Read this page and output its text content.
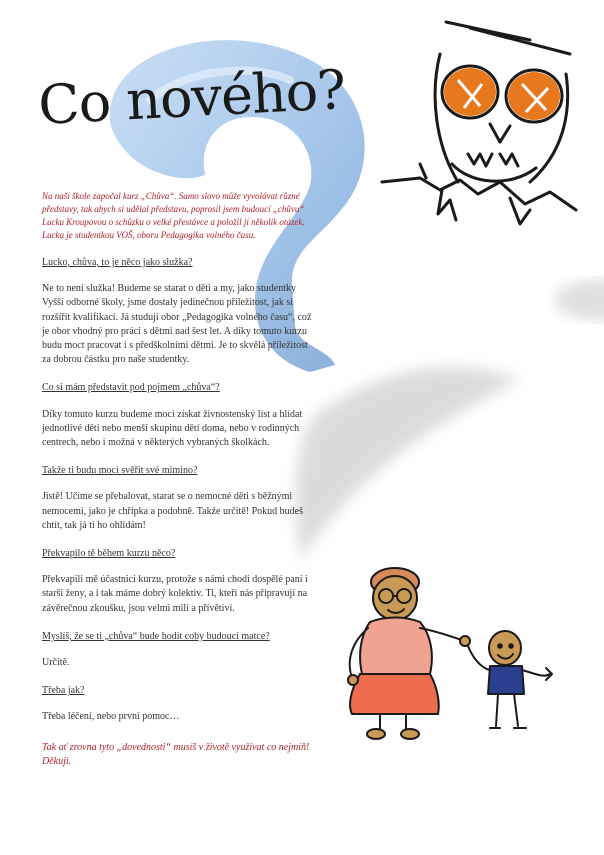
Co nového?

Na naší škole započal kurz „Chůva“. Samo slovo může vyvolávat různé představy, tak abych si udělal představu, poprosil jsem budoucí „chůvu“ Lucku Kroupovou o schůzku o velké přestávce a položil jí několik otázek. Lucka je studentkou VOŠ, oboru Pedagogika volného času.

Lucko, chůva, to je něco jako služka?

Ne to není služka! Budeme se starat o děti a my, jako studentky Vyšší odborné školy, jsme dostaly jedinečnou příležitost, jak si rozšířit kvalifikaci. Já studuji obor „Pedagogika volného času“, což je obor vhodný pro práci s dětmi nad šest let. A díky tomuto kurzu budu moct pracovat i s předškolními dětmi. Je to skvělá příležitost za dobrou částku pro naše studentky.

Co si mám představit pod pojmem „chůva“?

Díky tomuto kurzu budeme moci získat živnostenský list a hlídat jednotlivé děti nebo menší skupinu dětí doma, nebo v rodinných centrech, nebo i možná v některých vybraných školkách.

Takže ti budu moci svěřit své mimino?

Jistě! Učíme se přebalovat, starat se o nemocné děti s běžnými nemocemi, jako je chřipka a podobně. Takže určitě! Pokud budeš chtít, tak já ti ho ohlídám!

Překvapilo tě během kurzu něco?

Překvapili mě účastnici kurzu, protože s námi chodí dospělé paní i starší ženy, a i tak máme dobrý kolektiv. Ti, kteří nás připravují na závěrečnou zkoušku, jsou velmi milí a přívětiví.

Myslíš, že se ti „chůva“ bude hodit coby budoucí matce?

Určitě.

Třeba jak?

Třeba léčení, nebo první pomoc…

Tak ať zrovna tyto „dovednosti“ musíš v životě využívat co nejmíň! Děkuji.
